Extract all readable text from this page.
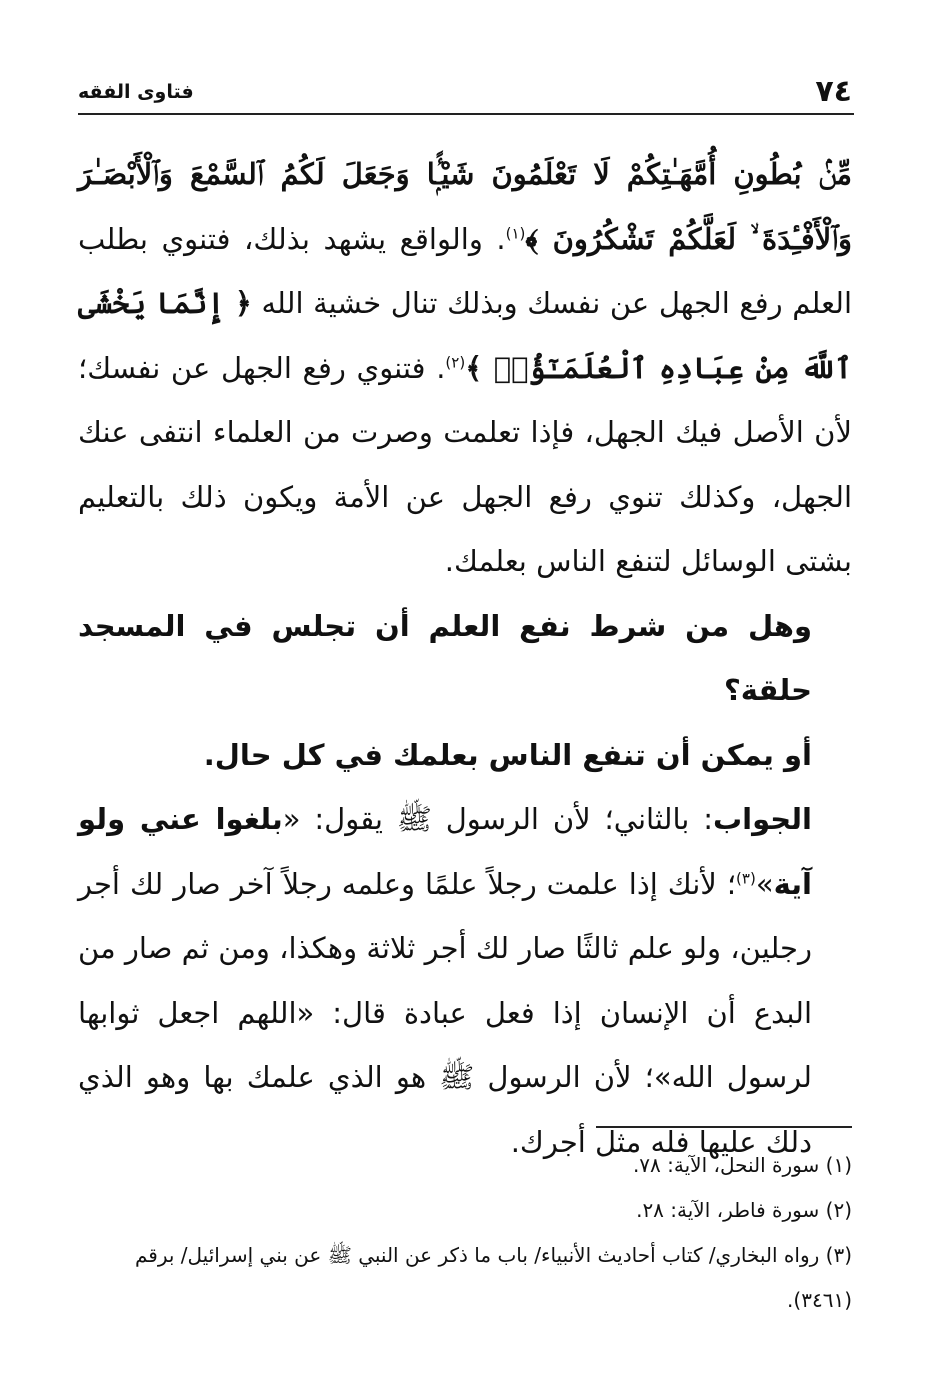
٧٤
فتاوى الفقه

مِّنۢ بُطُونِ أُمَّهَـٰتِكُمْ لَا تَعْلَمُونَ شَيْـًۭٔا وَجَعَلَ لَكُمُ ٱلسَّمْعَ وَٱلْأَبْصَـٰرَ وَٱلْأَفْـِٔدَةَ ۙ لَعَلَّكُمْ تَشْكُرُونَ ﴾$^{(١)}$. والواقع يشهد بذلك، فتنوي بطلب العلم رفع الجهل عن نفسك وبذلك تنال خشية الله ﴿ إِنَّمَا يَخْشَى ٱللَّهَ مِنْ عِبَادِهِ ٱلْعُلَمَـٰٓؤُا۟ ﴾$^{(٢)}$. فتنوي رفع الجهل عن نفسك؛ لأن الأصل فيك الجهل، فإذا تعلمت وصرت من العلماء انتفى عنك الجهل، وكذلك تنوي رفع الجهل عن الأمة ويكون ذلك بالتعليم بشتى الوسائل لتنفع الناس بعلمك.

وهل من شرط نفع العلم أن تجلس في المسجد حلقة؟

أو يمكن أن تنفع الناس بعلمك في كل حال.

الجواب: بالثاني؛ لأن الرسول ﷺ يقول: «بلغوا عني ولو آية»$^{(٣)}$؛ لأنك إذا علمت رجلاً علمًا وعلمه رجلاً آخر صار لك أجر رجلين، ولو علم ثالثًا صار لك أجر ثلاثة وهكذا، ومن ثم صار من البدع أن الإنسان إذا فعل عبادة قال: «اللهم اجعل ثوابها لرسول الله»؛ لأن الرسول ﷺ هو الذي علمك بها وهو الذي دلك عليها فله مثل أجرك.

(١) سورة النحل، الآية: ٧٨.

(٢) سورة فاطر، الآية: ٢٨.

(٣) رواه البخاري/ كتاب أحاديث الأنبياء/ باب ما ذكر عن النبي ﷺ عن بني إسرائيل/ برقم (٣٤٦١).
